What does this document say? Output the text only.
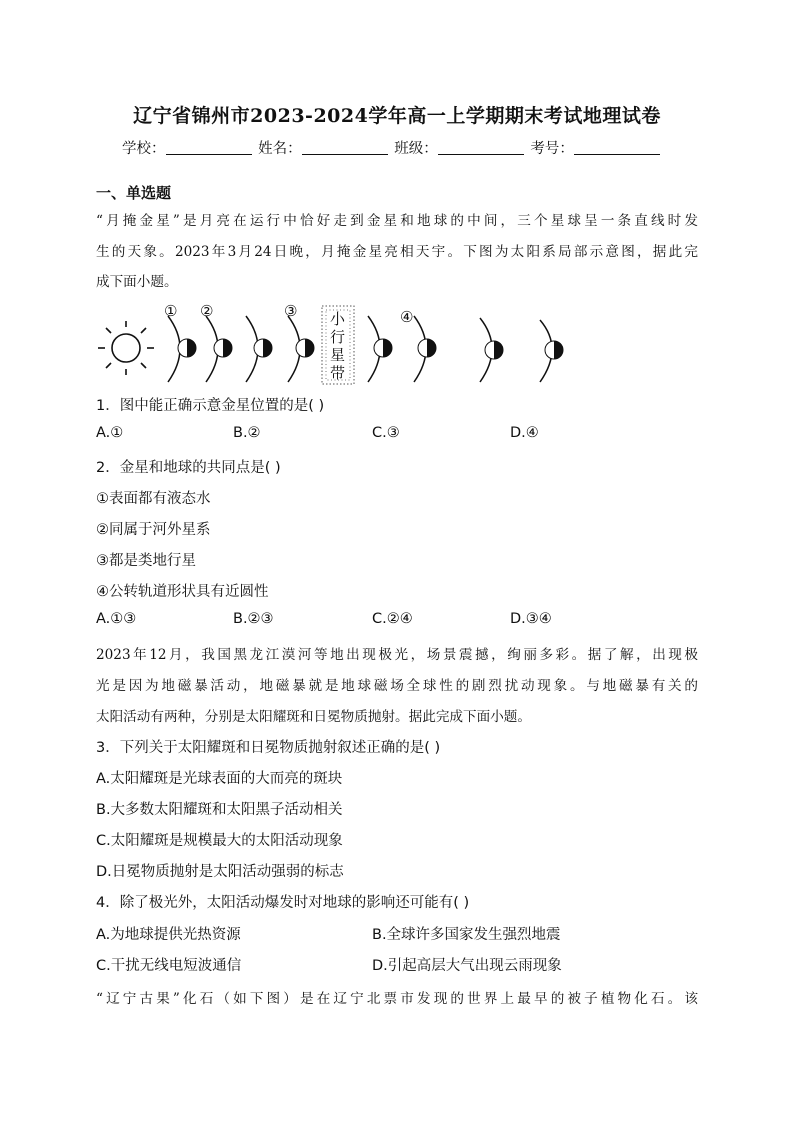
辽宁省锦州市2023-2024学年高一上学期期末考试地理试卷
学校：	姓名：	班级：	考号：
一、单选题
“月掩金星”是月亮在运行中恰好走到金星和地球的中间，三个星球呈一条直线时发
生的天象。2023年3月24日晚，月掩金星亮相天宇。下图为太阳系局部示意图，据此完
成下面小题。
① ②	③	④
小
行
星
带
1．图中能正确示意金星位置的是( )
A.①	B.②	C.③	D.④
2．金星和地球的共同点是( )
①表面都有液态水
②同属于河外星系
③都是类地行星
④公转轨道形状具有近圆性
A.①③	B.②③	C.②④	D.③④
2023年12月，我国黑龙江漠河等地出现极光，场景震撼，绚丽多彩。据了解，出现极
光是因为地磁暴活动，地磁暴就是地球磁场全球性的剧烈扰动现象。与地磁暴有关的
太阳活动有两种，分别是太阳耀斑和日冕物质抛射。据此完成下面小题。
3．下列关于太阳耀斑和日冕物质抛射叙述正确的是( )
A.太阳耀斑是光球表面的大而亮的斑块
B.大多数太阳耀斑和太阳黑子活动相关
C.太阳耀斑是规模最大的太阳活动现象
D.日冕物质抛射是太阳活动强弱的标志
4．除了极光外，太阳活动爆发时对地球的影响还可能有( )
A.为地球提供光热资源	B.全球许多国家发生强烈地震
C.干扰无线电短波通信	D.引起高层大气出现云雨现象
“辽宁古果”化石（如下图）是在辽宁北票市发现的世界上最早的被子植物化石。该
